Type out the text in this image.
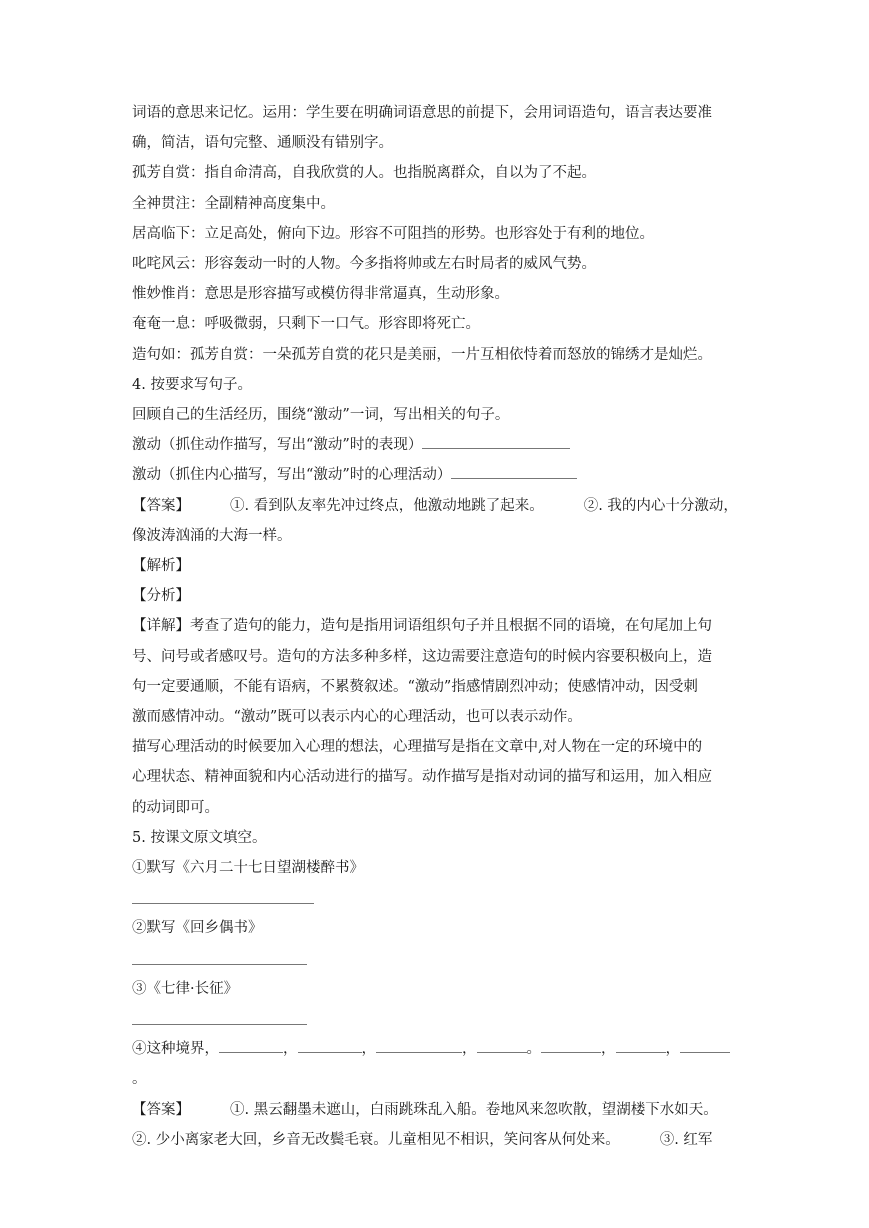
词语的意思来记忆。运用：学生要在明确词语意思的前提下，会用词语造句，语言表达要准

确，简洁，语句完整、通顺没有错别字。

孤芳自赏：指自命清高，自我欣赏的人。也指脱离群众，自以为了不起。

全神贯注：全副精神高度集中。

居高临下：立足高处，俯向下边。形容不可阻挡的形势。也形容处于有利的地位。

叱咤风云：形容轰动一时的人物。今多指将帅或左右时局者的威风气势。

惟妙惟肖：意思是形容描写或模仿得非常逼真，生动形象。

奄奄一息：呼吸微弱，只剩下一口气。形容即将死亡。

造句如：孤芳自赏：一朵孤芳自赏的花只是美丽，一片互相依恃着而怒放的锦绣才是灿烂。

4. 按要求写句子。

回顾自己的生活经历，围绕“激动”一词，写出相关的句子。

激动（抓住动作描写，写出“激动”时的表现）

激动（抓住内心描写，写出“激动”时的心理活动）

【答案】	①. 看到队友率先冲过终点，他激动地跳了起来。	②. 我的内心十分激动，

像波涛汹涌的大海一样。

【解析】

【分析】

【详解】考查了造句的能力，造句是指用词语组织句子并且根据不同的语境，在句尾加上句

号、问号或者感叹号。造句的方法多种多样，这边需要注意造句的时候内容要积极向上，造

句一定要通顺，不能有语病，不累赘叙述。“激动”指感情剧烈冲动；使感情冲动，因受刺

激而感情冲动。“激动”既可以表示内心的心理活动，也可以表示动作。

描写心理活动的时候要加入心理的想法，心理描写是指在文章中,对人物在一定的环境中的

心理状态、精神面貌和内心活动进行的描写。动作描写是指对动词的描写和运用，加入相应

的动词即可。

5. 按课文原文填空。

①默写《六月二十七日望湖楼醉书》

②默写《回乡偶书》

③《七律·长征》

④这种境界，	，	，	，	。	，	，。

【答案】	①. 黑云翻墨未遮山，白雨跳珠乱入船。卷地风来忽吹散，望湖楼下水如天。

②. 少小离家老大回，乡音无改鬓毛衰。儿童相见不相识，笑问客从何处来。	③. 红军
